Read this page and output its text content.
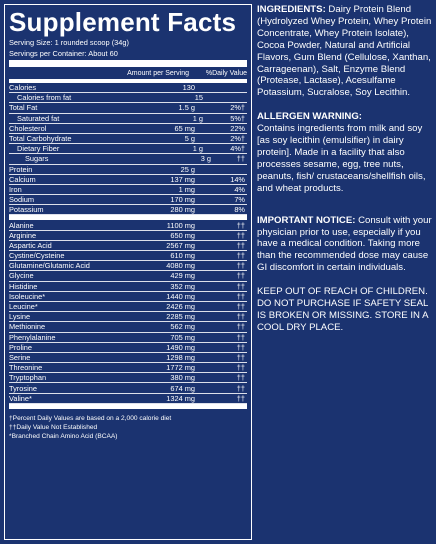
Supplement Facts
Serving Size: 1 rounded scoop (34g)
Servings per Container: About 60
Amount per Serving	%Daily Value
Calories	130
Calories from fat	15
Total Fat	1.5 g	2%†
Saturated fat	1 g	5%†
Cholesterol	65 mg	22%
Total Carbohydrate	5 g	2%†
Dietary Fiber	1 g	4%†
Sugars	3 g	††
Protein	25 g
Calcium	137 mg	14%
Iron	1 mg	4%
Sodium	170 mg	7%
Potassium	280 mg	8%
Alanine	1100 mg	††
Arginine	650 mg	††
Aspartic Acid	2567 mg	††
Cystine/Cysteine	610 mg	††
Glutamine/Glutamic Acid	4080 mg	††
Glycine	429 mg	††
Histidine	352 mg	††
Isoleucine*	1440 mg	††
Leucine*	2426 mg	††
Lysine	2285 mg	††
Methionine	562 mg	††
Phenylalanine	705 mg	††
Proline	1490 mg	††
Serine	1298 mg	††
Threonine	1772 mg	††
Tryptophan	380 mg	††
Tyrosine	674 mg	††
Valine*	1324 mg	††
†Percent Daily Values are based on a 2,000 calorie diet
††Daily Value Not Established
*Branched Chain Amino Acid (BCAA)

INGREDIENTS: Dairy Protein Blend (Hydrolyzed Whey Protein, Whey Protein Concentrate, Whey Protein Isolate), Cocoa Powder, Natural and Artificial Flavors, Gum Blend (Cellulose, Xanthan, Carrageenan), Salt, Enzyme Blend (Protease, Lactase), Acesulfame Potassium, Sucralose, Soy Lecithin.

ALLERGEN WARNING:

Contains ingredients from milk and soy [as soy lecithin (emulsifier) in dairy protein]. Made in a facility that also processes sesame, egg, tree nuts, peanuts, fish/ crustaceans/shellfish oils, and wheat products.

IMPORTANT NOTICE: Consult with your physician prior to use, especially if you have a medical condition. Taking more than the recommended dose may cause GI discomfort in certain individuals.

KEEP OUT OF REACH OF CHILDREN. DO NOT PURCHASE IF SAFETY SEAL IS BROKEN OR MISSING. STORE IN A COOL DRY PLACE.
